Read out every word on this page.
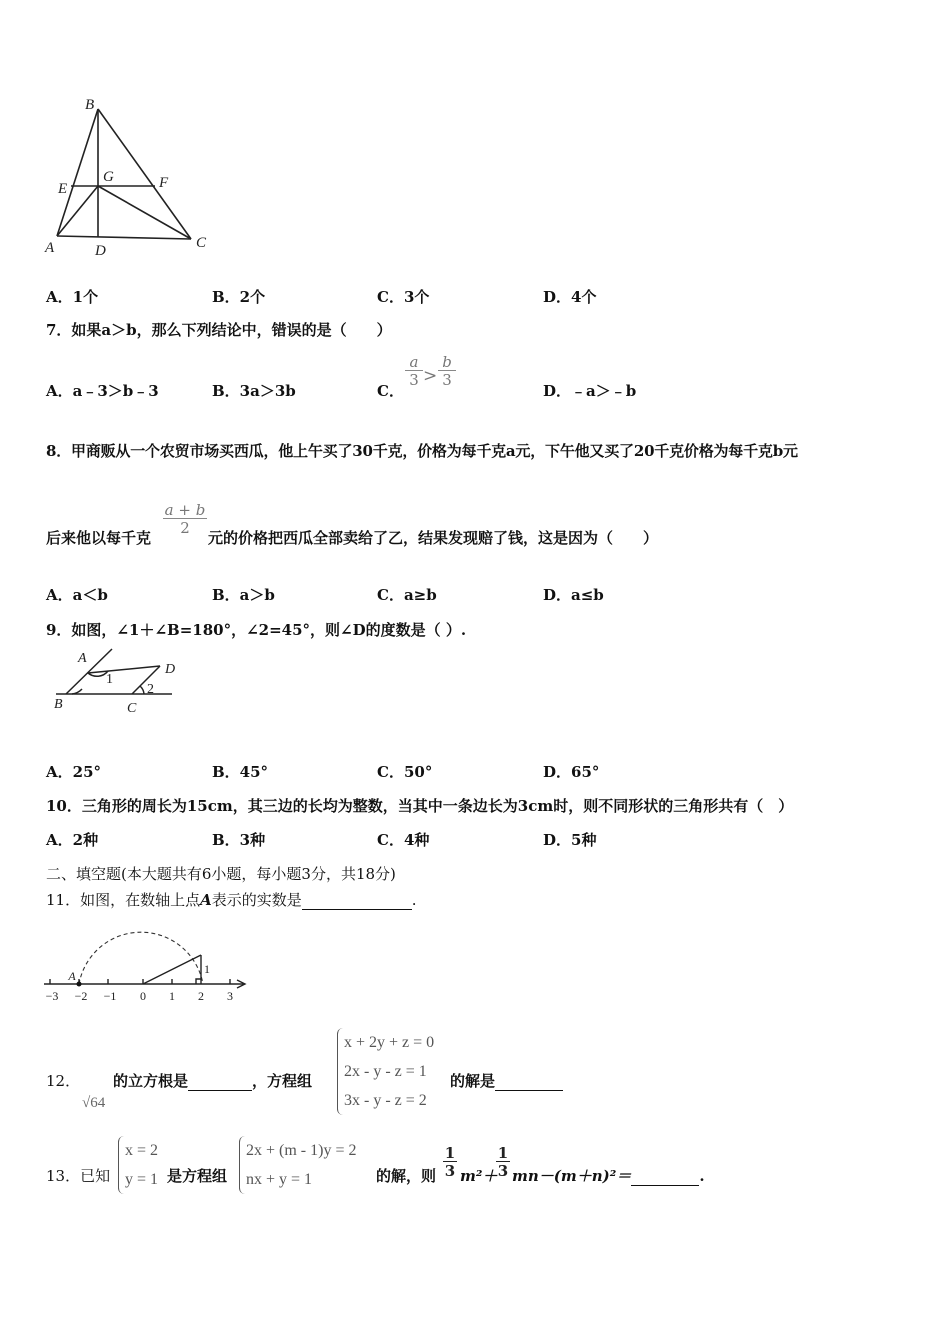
B
E
G	F
A	D	C
A．1个	B．2个	C．3个	D．4个
7．如果a＞b，那么下列结论中，错误的是（　　）
A．a﹣3＞b﹣3	B．3a＞3b	C．
a
3 >
b
3
D．﹣a＞﹣b
8．甲商贩从一个农贸市场买西瓜，他上午买了30千克，价格为每千克a元，下午他又买了20千克价格为每千克b元
后来他以每千克
a + b
2
元的价格把西瓜全部卖给了乙，结果发现赔了钱，这是因为（　　）
A．a＜b	B．a＞b	C．a≥b	D．a≤b
9．如图，∠1＋∠B=180°，∠2=45°，则∠D的度数是（ ）.
A
D
1
2
B	C
A．25°	B．45°	C．50°	D．65°
10．三角形的周长为15cm，其三边的长均为整数，当其中一条边长为3cm时，则不同形状的三角形共有（　）
A．2种	B．3种	C．4种	D．5种
二、填空题(本大题共有6小题，每小题3分，共18分)
11．如图，在数轴上点A表示的实数是	.
−3 −2 −1 0 1 2 3
A	1
12．
√64
的立方根是	，方程组
x + 2y + z = 0
2x - y - z = 1
3x - y - z = 2
的解是
13．已知
x = 2
y = 1 是方程组
2x + (m - 1)y = 2
nx + y = 1	的解，则
1
3 m²＋
1
3 mn－(m＋n)²＝	.
